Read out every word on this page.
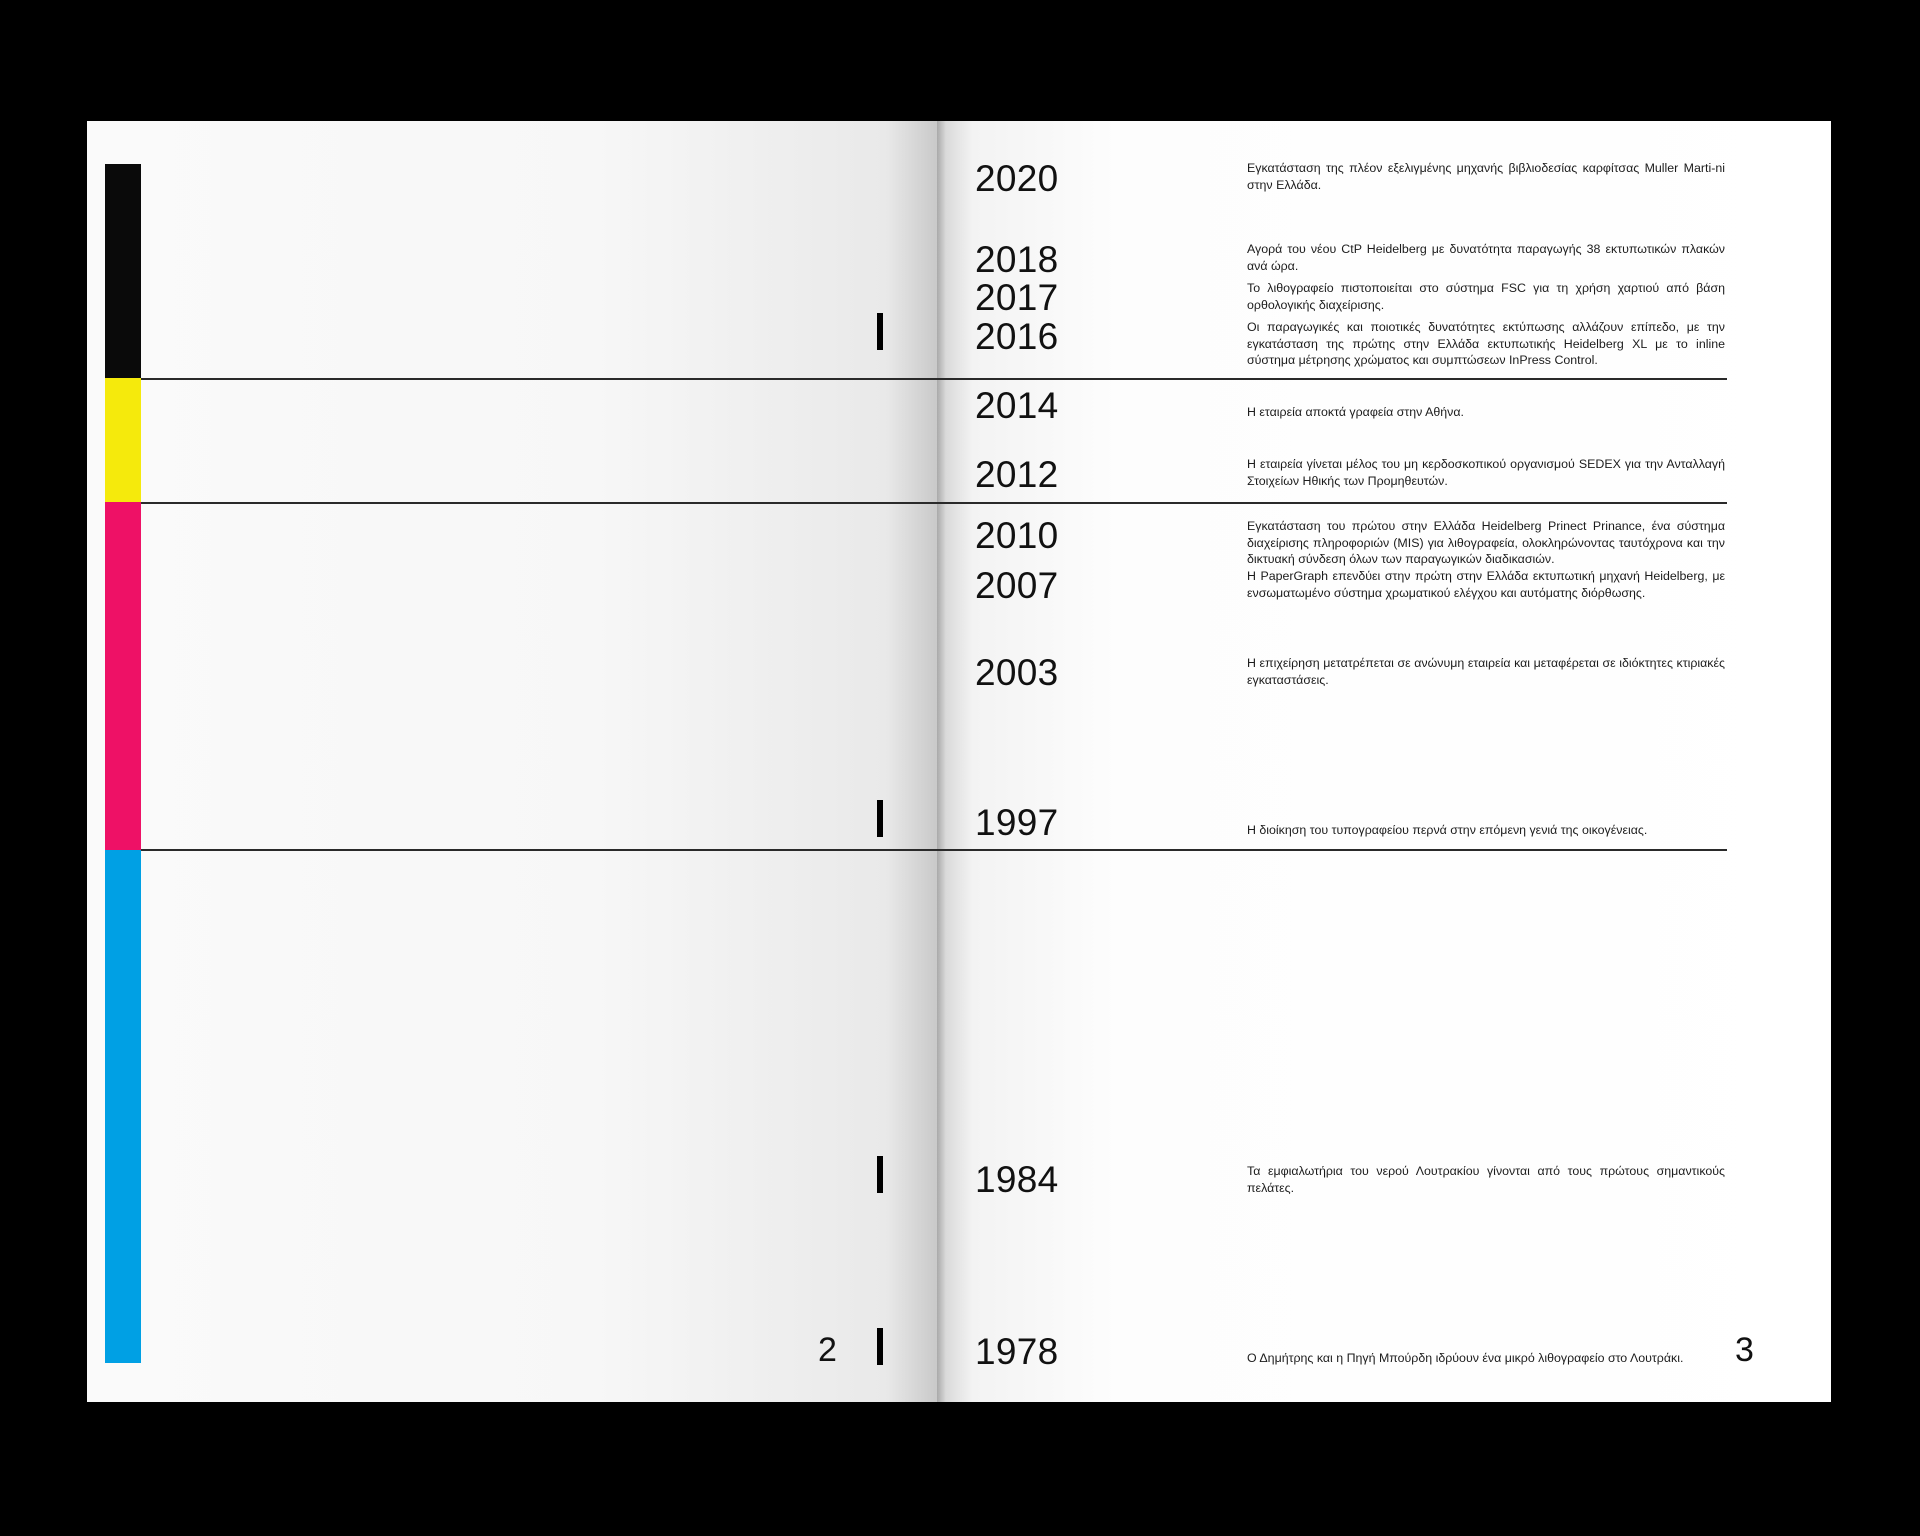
2	3
2020	Εγκατάσταση της πλέον εξελιγμένης μηχανής βιβλιοδεσίας καρφίτσας Muller Marti-ni στην Ελλάδα.
2018	Αγορά του νέου CtP Heidelberg με δυνατότητα παραγωγής 38 εκτυπωτικών πλακών ανά ώρα.
2017	Το λιθογραφείο πιστοποιείται στο σύστημα FSC για τη χρήση χαρτιού από βάση ορθολογικής διαχείρισης.
2016	Οι παραγωγικές και ποιοτικές δυνατότητες εκτύπωσης αλλάζουν επίπεδο, με την εγκατάσταση της πρώτης στην Ελλάδα εκτυπωτικής Heidelberg XL με το inline σύστημα μέτρησης χρώματος και συμπτώσεων InPress Control.
2014	Η εταιρεία αποκτά γραφεία στην Αθήνα.
2012	Η εταιρεία γίνεται μέλος του μη κερδοσκοπικού οργανισμού SEDEX για την Ανταλλαγή Στοιχείων Ηθικής των Προμηθευτών.
2010	Εγκατάσταση του πρώτου στην Ελλάδα Heidelberg Prinect Prinance, ένα σύστημα διαχείρισης πληροφοριών (MIS) για λιθογραφεία, ολοκληρώνοντας ταυτόχρονα και την δικτυακή σύνδεση όλων των παραγωγικών διαδικασιών.
2007	Η PaperGraph επενδύει στην πρώτη στην Ελλάδα εκτυπωτική μηχανή Heidelberg, με ενσωματωμένο σύστημα χρωματικού ελέγχου και αυτόματης διόρθωσης.
2003	Η επιχείρηση μετατρέπεται σε ανώνυμη εταιρεία και μεταφέρεται σε ιδιόκτητες κτιριακές εγκαταστάσεις.
1997	Η διοίκηση του τυπογραφείου περνά στην επόμενη γενιά της οικογένειας.
1984	Τα εμφιαλωτήρια του νερού Λουτρακίου γίνονται από τους πρώτους σημαντικούς πελάτες.
1978	Ο Δημήτρης και η Πηγή Μπούρδη ιδρύουν ένα μικρό λιθογραφείο στο Λουτράκι.
